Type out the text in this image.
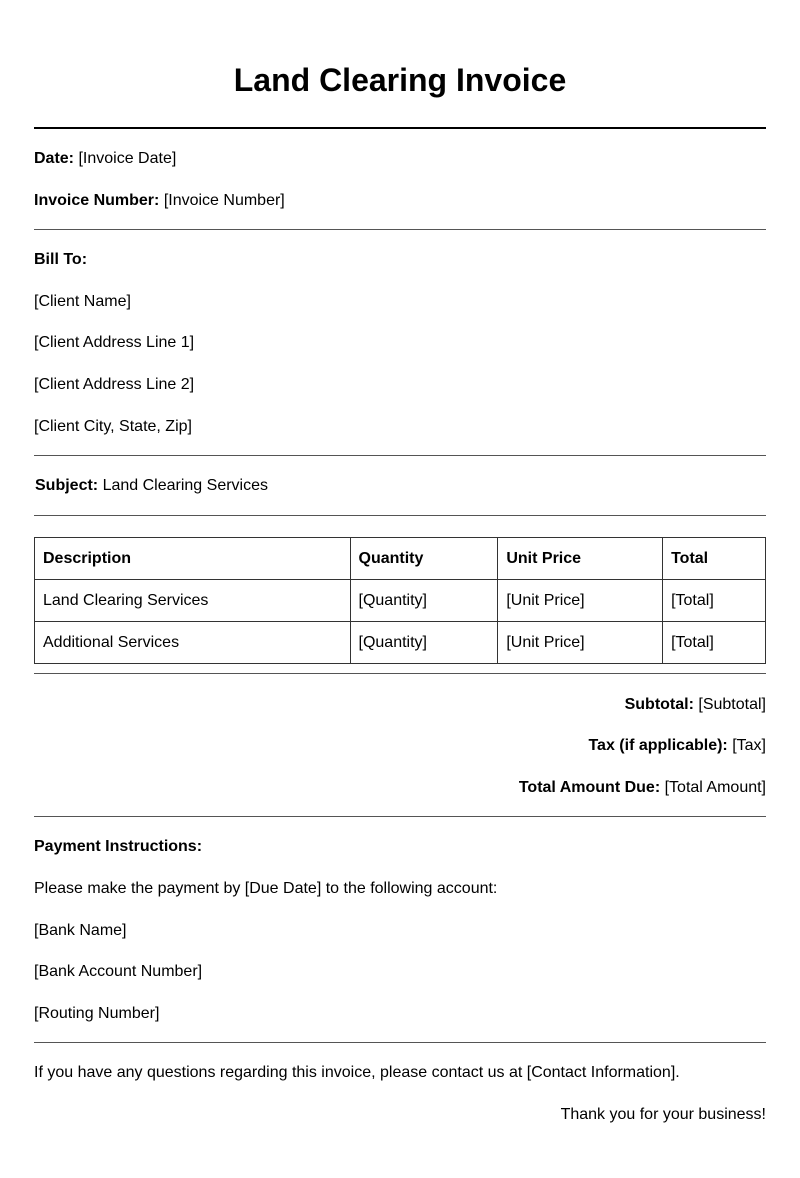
Land Clearing Invoice
Date: [Invoice Date]
Invoice Number: [Invoice Number]
Bill To:
[Client Name]
[Client Address Line 1]
[Client Address Line 2]
[Client City, State, Zip]
Subject: Land Clearing Services
Description	Quantity	Unit Price	Total
Land Clearing Services	[Quantity]	[Unit Price]	[Total]
Additional Services	[Quantity]	[Unit Price]	[Total]
Subtotal: [Subtotal]
Tax (if applicable): [Tax]
Total Amount Due: [Total Amount]
Payment Instructions:
Please make the payment by [Due Date] to the following account:
[Bank Name]
[Bank Account Number]
[Routing Number]
If you have any questions regarding this invoice, please contact us at [Contact Information].
Thank you for your business!
